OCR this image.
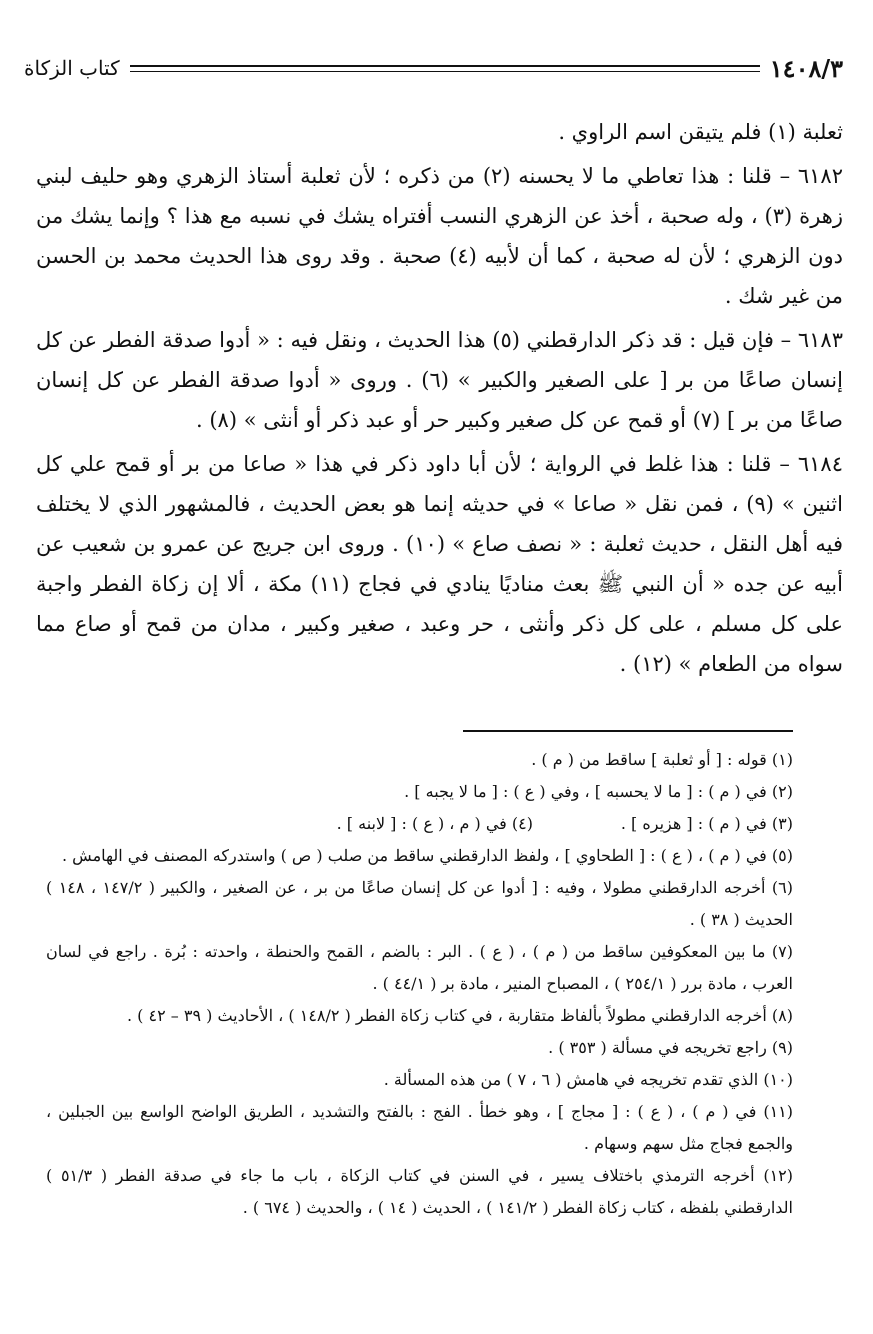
١٤٠٨/٣
كتاب الزكاة

ثعلبة (١) فلم يتيقن اسم الراوي .

٦١٨٢ – قلنا : هذا تعاطي ما لا يحسنه (٢) من ذكره ؛ لأن ثعلبة أستاذ الزهري وهو حليف لبني زهرة (٣) ، وله صحبة ، أخذ عن الزهري النسب أفتراه يشك في نسبه مع هذا ؟ وإنما يشك من دون الزهري ؛ لأن له صحبة ، كما أن لأبيه (٤) صحبة . وقد روى هذا الحديث محمد بن الحسن من غير شك .

٦١٨٣ – فإن قيل : قد ذكر الدارقطني (٥) هذا الحديث ، ونقل فيه : « أدوا صدقة الفطر عن كل إنسان صاعًا من بر [ على الصغير والكبير » (٦) . وروى « أدوا صدقة الفطر عن كل إنسان صاعًا من بر ] (٧) أو قمح عن كل صغير وكبير حر أو عبد ذكر أو أنثى » (٨) .

٦١٨٤ – قلنا : هذا غلط في الرواية ؛ لأن أبا داود ذكر في هذا « صاعا من بر أو قمح علي كل اثنين » (٩) ، فمن نقل « صاعا » في حديثه إنما هو بعض الحديث ، فالمشهور الذي لا يختلف فيه أهل النقل ، حديث ثعلبة : « نصف صاع » (١٠) . وروى ابن جريج عن عمرو بن شعيب عن أبيه عن جده « أن النبي ﷺ بعث مناديًا ينادي في فجاج (١١) مكة ، ألا إن زكاة الفطر واجبة على كل مسلم ، على كل ذكر وأنثى ، حر وعبد ، صغير وكبير ، مدان من قمح أو صاع مما سواه من الطعام » (١٢) .

(١) قوله : [ أو ثعلبة ] ساقط من ( م ) .

(٢) في ( م ) : [ ما لا يحسبه ] ، وفي ( ع ) : [ ما لا يجبه ] .

(٣) في ( م ) : [ هزيره ] .
(٤) في ( م ، ( ع ) : [ لابنه ] .

(٥) في ( م ) ، ( ع ) : [ الطحاوي ] ، ولفظ الدارقطني ساقط من صلب ( ص ) واستدركه المصنف في الهامش .

(٦) أخرجه الدارقطني مطولا ، وفيه : [ أدوا عن كل إنسان صاعًا من بر ، عن الصغير ، والكبير ( ١٤٧/٢ ، ١٤٨ ) الحديث ( ٣٨ ) .

(٧) ما بين المعكوفين ساقط من ( م ) ، ( ع ) . البر : بالضم ، القمح والحنطة ، واحدته : بُرة . راجع في لسان العرب ، مادة برر ( ٢٥٤/١ ) ، المصباح المنير ، مادة بر ( ٤٤/١ ) .

(٨) أخرجه الدارقطني مطولاً بألفاظ متقاربة ، في كتاب زكاة الفطر ( ١٤٨/٢ ) ، الأحاديث ( ٣٩ – ٤٢ ) .

(٩) راجع تخريجه في مسألة ( ٣٥٣ ) .

(١٠) الذي تقدم تخريجه في هامش ( ٦ ، ٧ ) من هذه المسألة .

(١١) في ( م ) ، ( ع ) : [ مجاج ] ، وهو خطأ . الفج : بالفتح والتشديد ، الطريق الواضح الواسع بين الجبلين ، والجمع فجاج مثل سهم وسهام .

(١٢) أخرجه الترمذي باختلاف يسير ، في السنن في كتاب الزكاة ، باب ما جاء في صدقة الفطر ( ٥١/٣ ) الدارقطني بلفظه ، كتاب زكاة الفطر ( ١٤١/٢ ) ، الحديث ( ١٤ ) ، والحديث ( ٦٧٤ ) .
